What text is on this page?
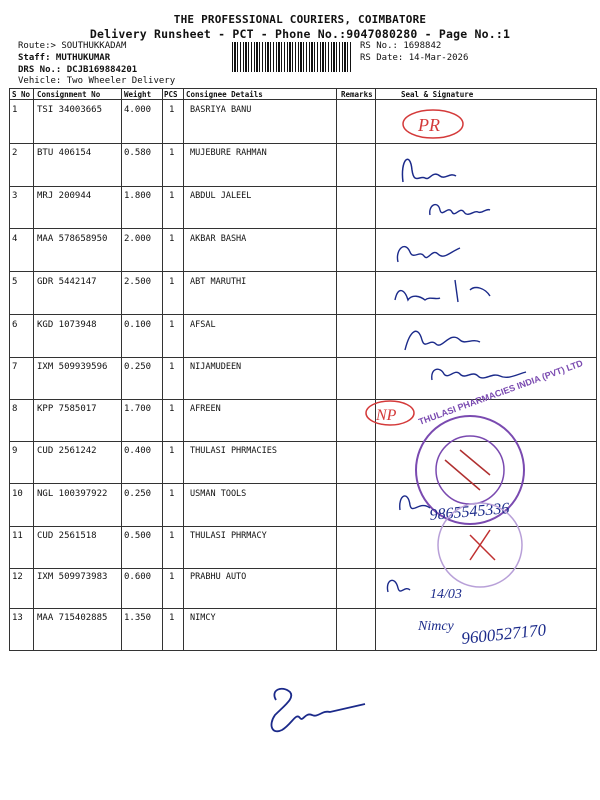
THE PROFESSIONAL COURIERS, COIMBATORE
Delivery Runsheet - PCT - Phone No.:9047080280 - Page No.:1
Route:> SOUTHUKKADAM
Staff: MUTHUKUMAR
DRS No.: DCJB169884201
Vehicle: Two Wheeler Delivery
RS No.: 1698842
RS Date: 14-Mar-2026
S No Consignment No	Weight PCS Consignee Details	Remarks	Seal & Signature
1 TSI 34003665 4.000 1 BASRIYA BANU
2 BTU 406154	0.580 1 MUJEBURE RAHMAN
3 MRJ 200944	1.800 1 ABDUL JALEEL
4 MAA 578658950 2.000 1 AKBAR BASHA
5 GDR 5442147	2.500 1 ABT MARUTHI
6 KGD 1073948	0.100 1 AFSAL
7 IXM 509939596 0.250 1 NIJAMUDEEN
8 KPP 7585017	1.700 1 AFREEN
9 CUD 2561242	0.400 1 THULASI PHRMACIES
10 NGL 100397922 0.250 1 USMAN TOOLS
11 CUD 2561518	0.500 1 THULASI PHRMACY
12 IXM 509973983 0.600 1 PRABHU AUTO
13 MAA 715402885 1.350 1 NIMCY
PR
NP THULASI PHARMACIES INDIA (PVT) LTD
9865545336
14/03
Nimcy 9600527170
